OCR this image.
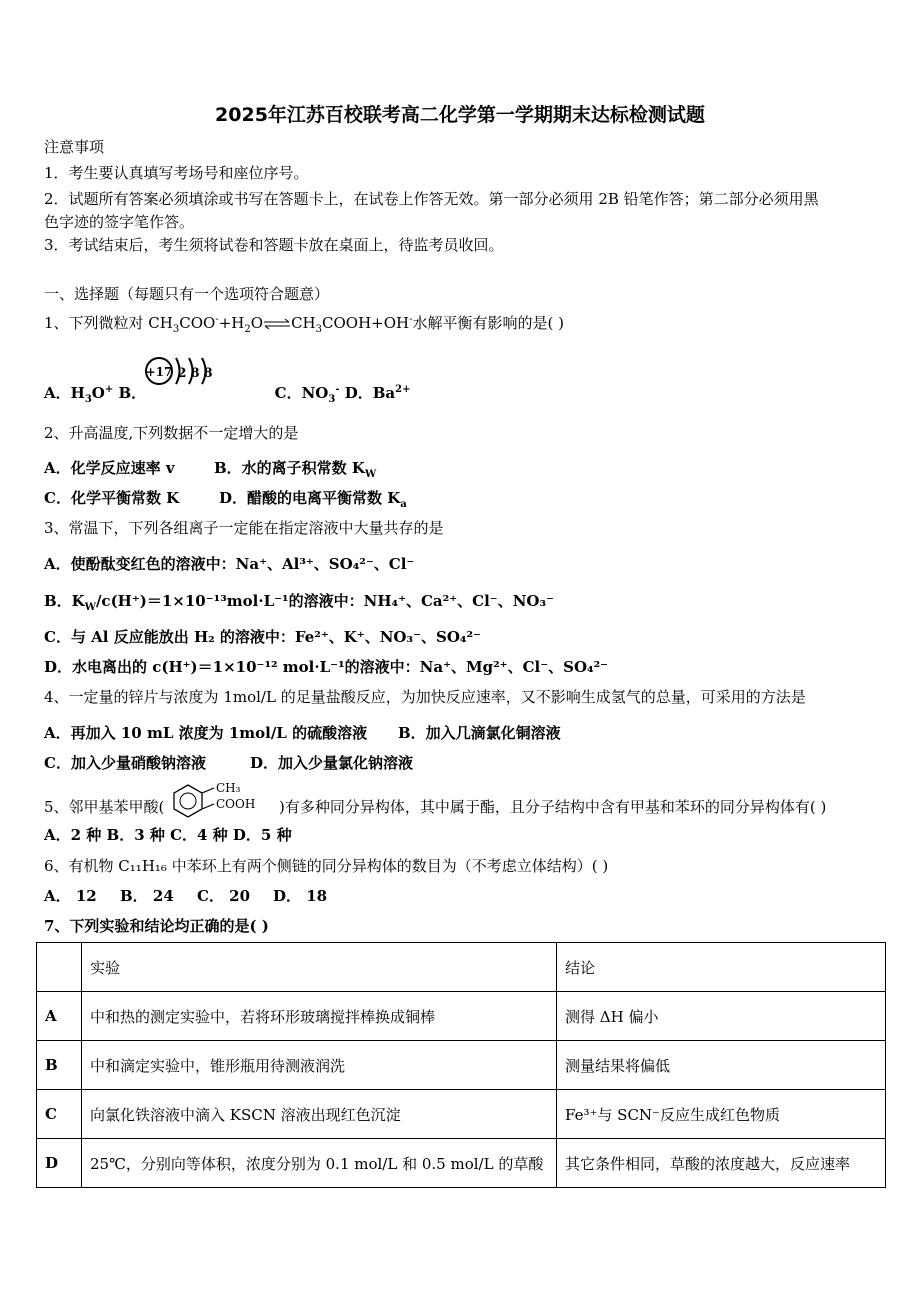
2025年江苏百校联考高二化学第一学期期末达标检测试题
注意事项
1．考生要认真填写考场号和座位序号。
2．试题所有答案必须填涂或书写在答题卡上，在试卷上作答无效。第一部分必须用 2B 铅笔作答；第二部分必须用黑
色字迹的签字笔作答。
3．考试结束后，考生须将试卷和答题卡放在桌面上，待监考员收回。
一、选择题（每题只有一个选项符合题意）
1、下列微粒对 $CH_3COO^-+H_2O\rightleftharpoons CH_3COOH+OH^-$水解平衡有影响的是( )
+17 2 8 8
A．$H_3O^+$ B．	C．$NO_3^-$ D．$Ba^{2+}$
2、升高温度,下列数据不一定增大的是
A．化学反应速率 v	B．水的离子积常数 $K_W$
C．化学平衡常数 K	D．醋酸的电离平衡常数 $K_a$
3、常温下，下列各组离子一定能在指定溶液中大量共存的是
A．使酚酞变红色的溶液中：Na⁺、Al³⁺、SO₄²⁻、Cl⁻
B．$K_W/c(H^+)=1\times 10^{-13}mol\cdot L^{-1}$的溶液中：NH₄⁺、Ca²⁺、Cl⁻、NO₃⁻
C．与 Al 反应能放出 H₂ 的溶液中：Fe²⁺、K⁺、NO₃⁻、SO₄²⁻
D．水电离出的 c(H⁺)＝1×10⁻¹² mol·L⁻¹的溶液中：Na⁺、Mg²⁺、Cl⁻、SO₄²⁻
4、一定量的锌片与浓度为 1mol/L 的足量盐酸反应，为加快反应速率，又不影响生成氢气的总量，可采用的方法是
A．再加入 10 mL 浓度为 1mol/L 的硫酸溶液 B．加入几滴氯化铜溶液
C．加入少量硝酸钠溶液	D．加入少量氯化钠溶液
5、邻甲基苯甲酸(
CH₃
COOH )有多种同分异构体，其中属于酯，且分子结构中含有甲基和苯环的同分异构体有( )
A．2 种 B．3 种 C．4 种 D．5 种
6、有机物 C₁₁H₁₆ 中苯环上有两个侧链的同分异构体的数目为（不考虑立体结构）( )
A． 12 B． 24 C． 20 D． 18
7、下列实验和结论均正确的是( )
	实验	结论
A	中和热的测定实验中，若将环形玻璃搅拌棒换成铜棒	测得 ΔH 偏小
B	中和滴定实验中，锥形瓶用待测液润洗	测量结果将偏低
C	向氯化铁溶液中滴入 KSCN 溶液出现红色沉淀	Fe³⁺与 SCN⁻反应生成红色物质
D	25℃，分别向等体积，浓度分别为 0.1 mol/L 和 0.5 mol/L 的草酸	其它条件相同，草酸的浓度越大，反应速率
